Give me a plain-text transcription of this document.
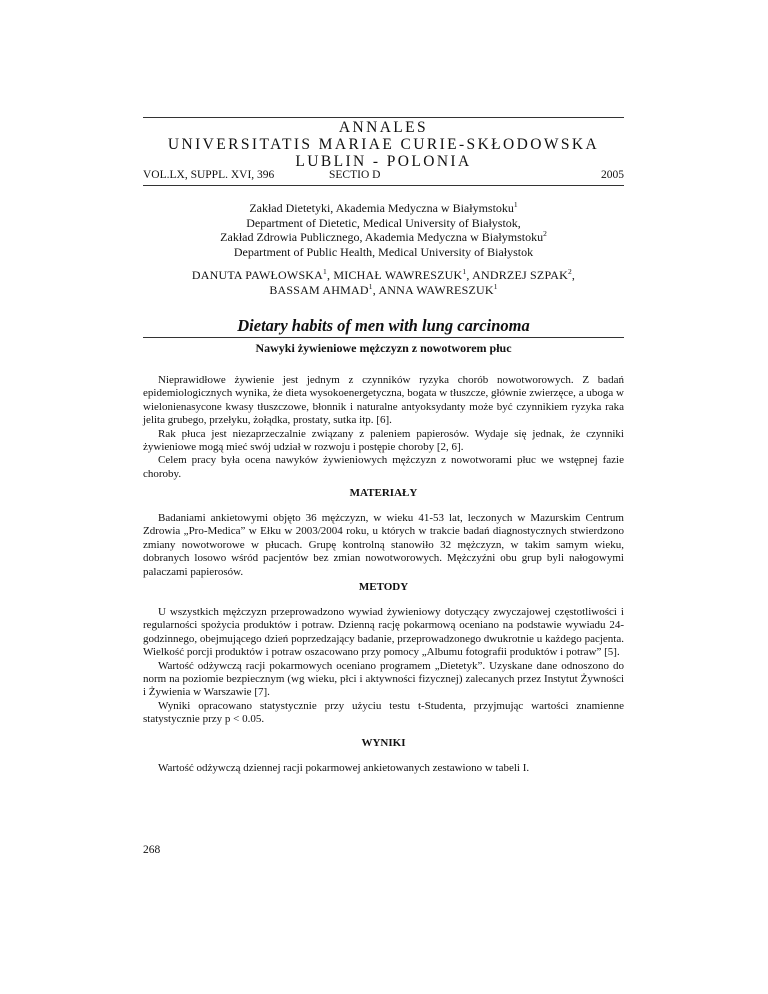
ANNALES
UNIVERSITATIS MARIAE CURIE-SKŁODOWSKA
LUBLIN - POLONIA
VOL.LX, SUPPL. XVI, 396	SECTIO D	2005
Zakład Dietetyki, Akademia Medyczna w Białymstoku$^1$
Department of Dietetic, Medical University of Białystok,
Zakład Zdrowia Publicznego, Akademia Medyczna w Białymstoku$^2$
Department of Public Health, Medical University of Białystok
DANUTA PAWŁOWSKA$^1$, MICHAŁ WAWRESZUK$^1$, ANDRZEJ SZPAK$^2$,
BASSAM AHMAD$^1$, ANNA WAWRESZUK$^1$
Dietary habits of men with lung carcinoma
Nawyki żywieniowe mężczyzn z nowotworem płuc

Nieprawidłowe żywienie jest jednym z czynników ryzyka chorób nowotworowych. Z badań epidemiologicznych wynika, że dieta wysokoenergetyczna, bogata w tłuszcze, głównie zwierzęce, a uboga w wielonienasycone kwasy tłuszczowe, błonnik i naturalne antyoksydanty może być czynnikiem ryzyka raka jelita grubego, przełyku, żołądka, prostaty, sutka itp. [6].

Rak płuca jest niezaprzeczalnie związany z paleniem papierosów. Wydaje się jednak, że czynniki żywieniowe mogą mieć swój udział w rozwoju i postępie choroby [2, 6].

Celem pracy była ocena nawyków żywieniowych mężczyzn z nowotworami płuc we wstępnej fazie choroby.

MATERIAŁY

Badaniami ankietowymi objęto 36 mężczyzn, w wieku 41-53 lat, leczonych w Mazurskim Centrum Zdrowia „Pro-Medica” w Ełku w 2003/2004 roku, u których w trakcie badań diagnostycznych stwierdzono zmiany nowotworowe w płucach. Grupę kontrolną stanowiło 32 mężczyzn, w takim samym wieku, dobranych losowo wśród pacjentów bez zmian nowotworowych. Mężczyźni obu grup byli nałogowymi palaczami papierosów.

METODY

U wszystkich mężczyzn przeprowadzono wywiad żywieniowy dotyczący zwyczajowej częstotliwości i regularności spożycia produktów i potraw. Dzienną rację pokarmową oceniano na podstawie wywiadu 24-godzinnego, obejmującego dzień poprzedzający badanie, przeprowadzonego dwukrotnie u każdego pacjenta. Wielkość porcji produktów i potraw oszacowano przy pomocy „Albumu fotografii produktów i potraw” [5].

Wartość odżywczą racji pokarmowych oceniano programem „Dietetyk”. Uzyskane dane odnoszono do norm na poziomie bezpiecznym (wg wieku, płci i aktywności fizycznej) zalecanych przez Instytut Żywności i Żywienia w Warszawie [7].

Wyniki opracowano statystycznie przy użyciu testu t-Studenta, przyjmując wartości znamienne statystycznie przy p < 0.05.

WYNIKI

Wartość odżywczą dziennej racji pokarmowej ankietowanych zestawiono w tabeli I.

268
